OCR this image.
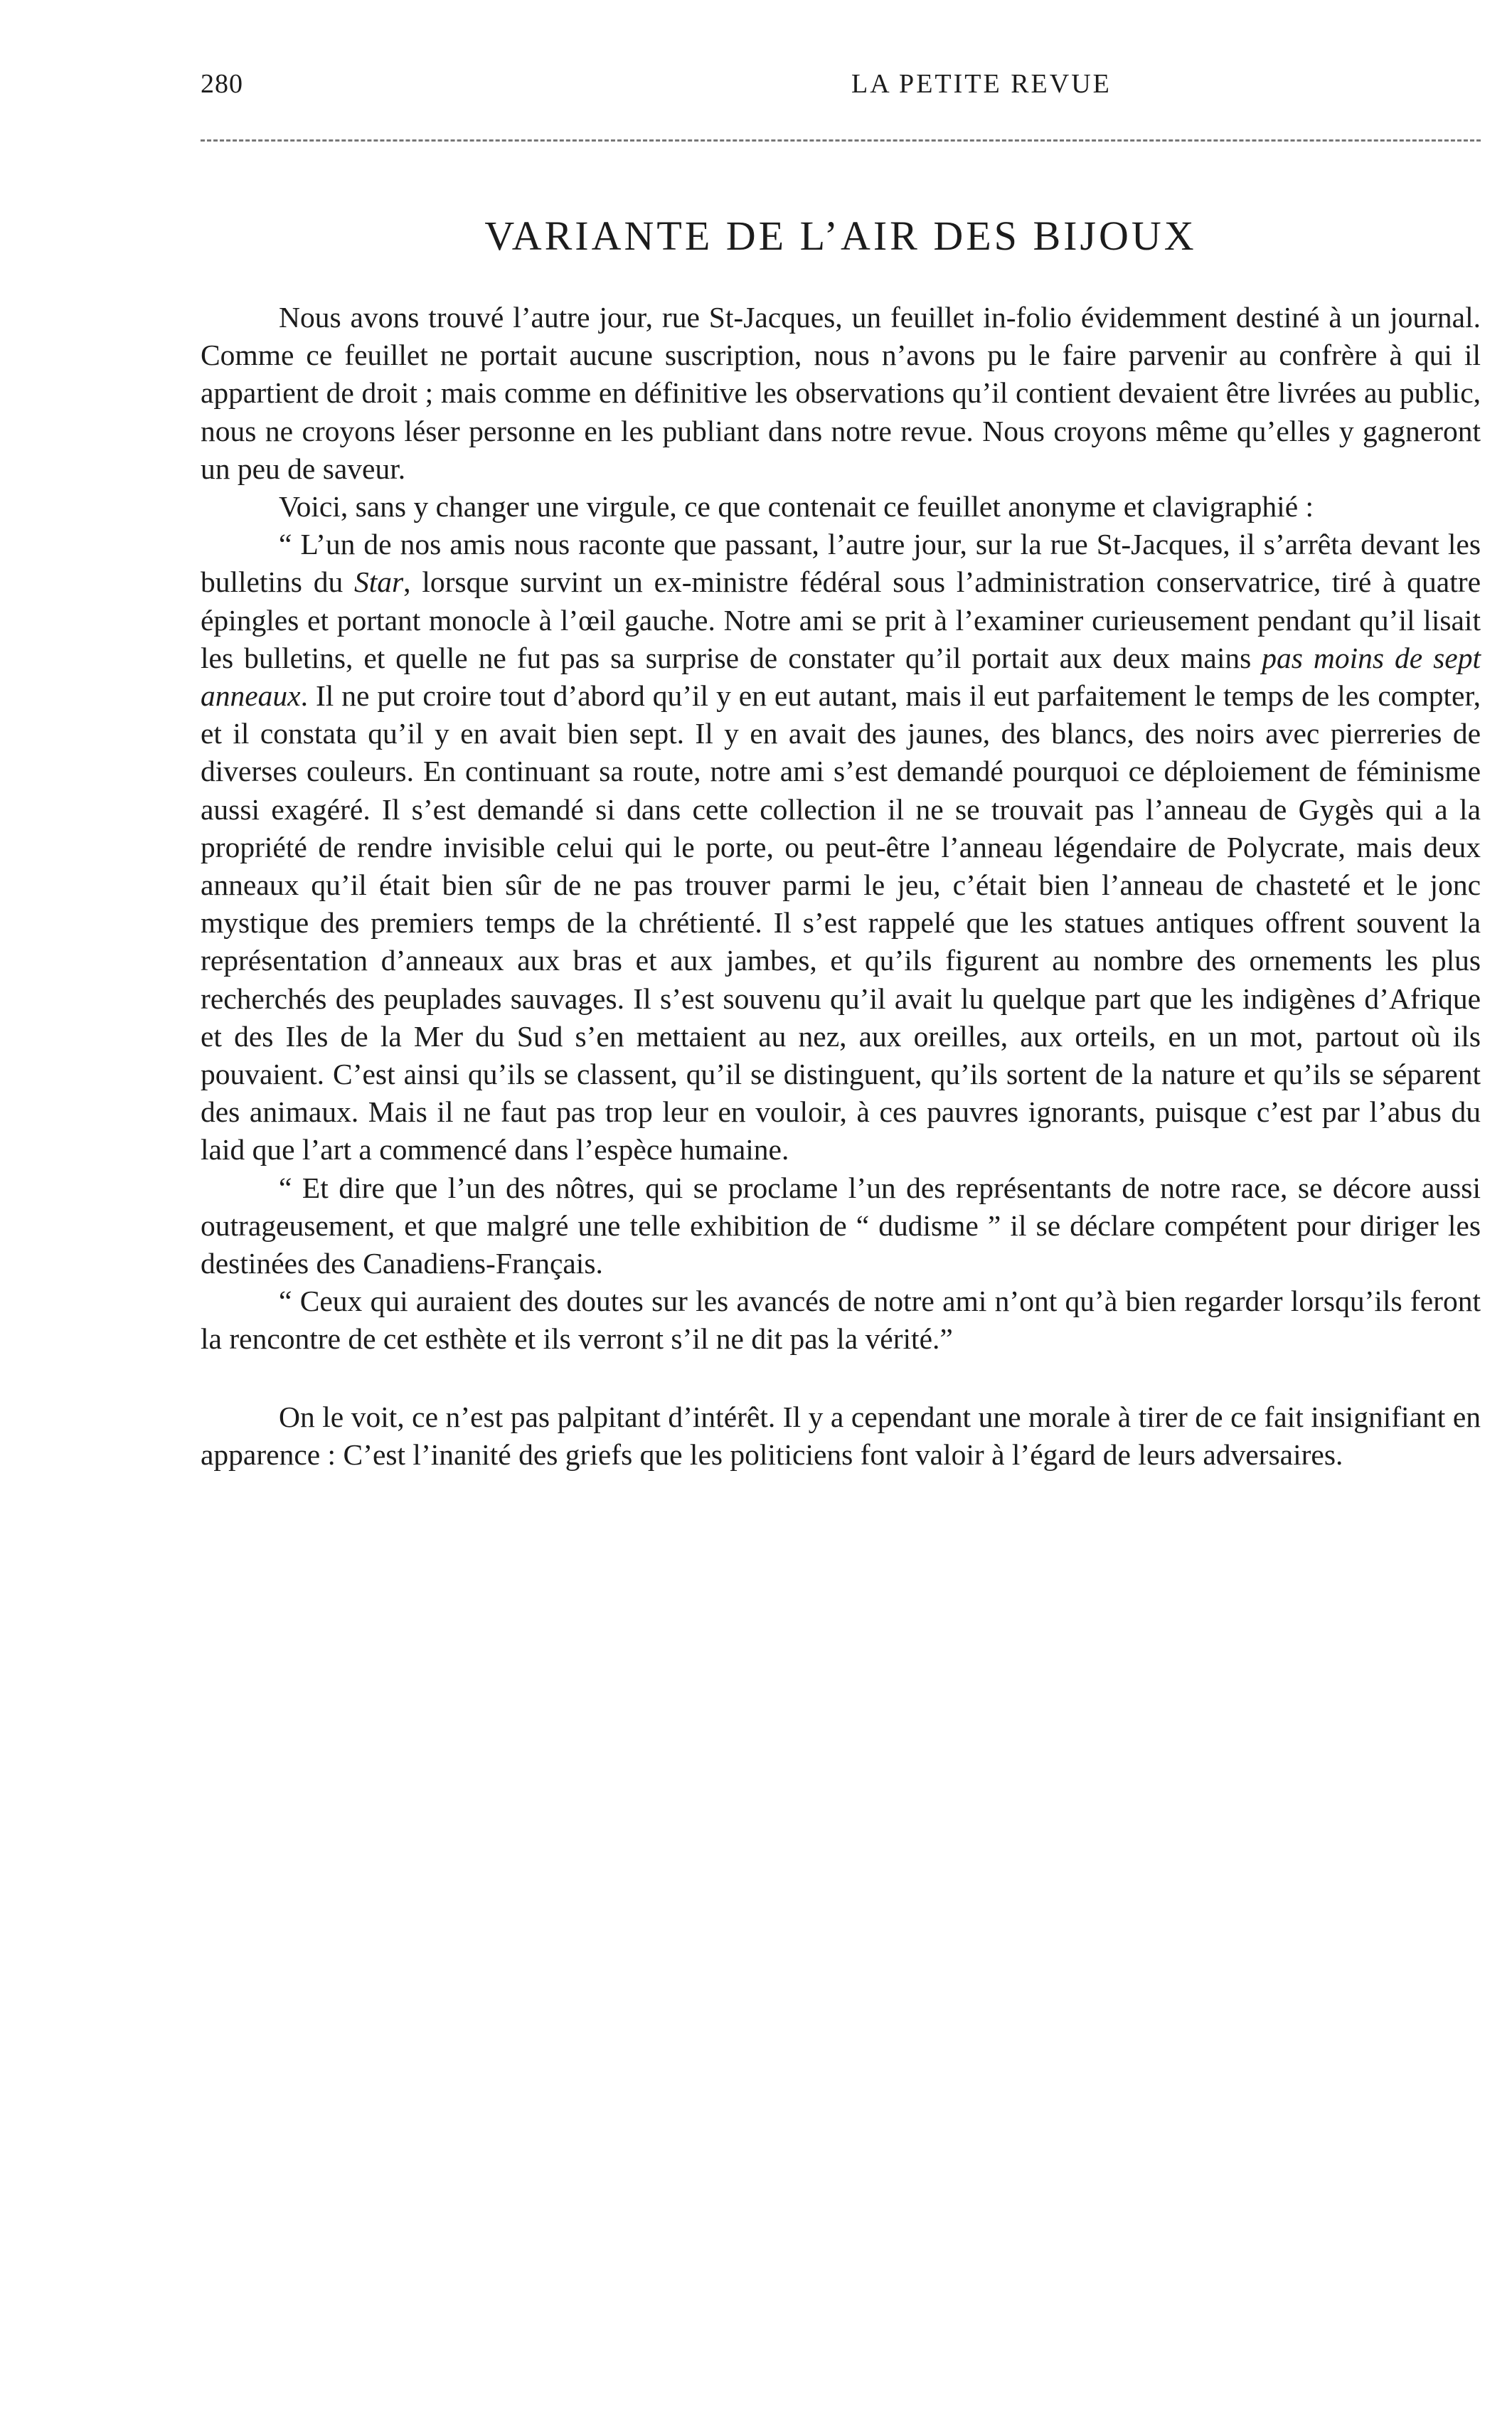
280	LA PETITE REVUE
VARIANTE DE L’AIR DES BIJOUX

Nous avons trouvé l’autre jour, rue St-Jacques, un feuillet in-folio évidemment destiné à un journal. Comme ce feuillet ne portait aucune suscription, nous n’avons pu le faire parvenir au confrère à qui il appartient de droit ; mais comme en définitive les observations qu’il contient devaient être livrées au public, nous ne croyons léser personne en les publiant dans notre revue. Nous croyons même qu’elles y gagneront un peu de saveur.

Voici, sans y changer une virgule, ce que contenait ce feuillet anonyme et clavigraphié :

“ L’un de nos amis nous raconte que passant, l’autre jour, sur la rue St-Jacques, il s’arrêta devant les bulletins du Star, lorsque survint un ex-ministre fédéral sous l’administration conservatrice, tiré à quatre épingles et portant monocle à l’œil gauche. Notre ami se prit à l’examiner curieusement pendant qu’il lisait les bulletins, et quelle ne fut pas sa surprise de constater qu’il portait aux deux mains pas moins de sept anneaux. Il ne put croire tout d’abord qu’il y en eut autant, mais il eut parfaitement le temps de les compter, et il constata qu’il y en avait bien sept. Il y en avait des jaunes, des blancs, des noirs avec pierreries de diverses couleurs. En continuant sa route, notre ami s’est demandé pourquoi ce déploiement de féminisme aussi exagéré. Il s’est demandé si dans cette collection il ne se trouvait pas l’anneau de Gygès qui a la propriété de rendre invisible celui qui le porte, ou peut-être l’anneau légendaire de Polycrate, mais deux anneaux qu’il était bien sûr de ne pas trouver parmi le jeu, c’était bien l’anneau de chasteté et le jonc mystique des premiers temps de la chrétienté. Il s’est rappelé que les statues antiques offrent souvent la représentation d’anneaux aux bras et aux jambes, et qu’ils figurent au nombre des ornements les plus recherchés des peuplades sauvages. Il s’est souvenu qu’il avait lu quelque part que les indigènes d’Afrique et des Iles de la Mer du Sud s’en mettaient au nez, aux oreilles, aux orteils, en un mot, partout où ils pouvaient. C’est ainsi qu’ils se classent, qu’il se distinguent, qu’ils sortent de la nature et qu’ils se séparent des animaux. Mais il ne faut pas trop leur en vouloir, à ces pauvres ignorants, puisque c’est par l’abus du laid que l’art a commencé dans l’espèce humaine.

“ Et dire que l’un des nôtres, qui se proclame l’un des représentants de notre race, se décore aussi outrageusement, et que malgré une telle exhibition de “ dudisme ” il se déclare compétent pour diriger les destinées des Canadiens-Français.

“ Ceux qui auraient des doutes sur les avancés de notre ami n’ont qu’à bien regarder lorsqu’ils feront la rencontre de cet esthète et ils verront s’il ne dit pas la vérité.”

On le voit, ce n’est pas palpitant d’intérêt. Il y a cependant une morale à tirer de ce fait insignifiant en apparence : C’est l’inanité des griefs que les politiciens font valoir à l’égard de leurs adversaires.
